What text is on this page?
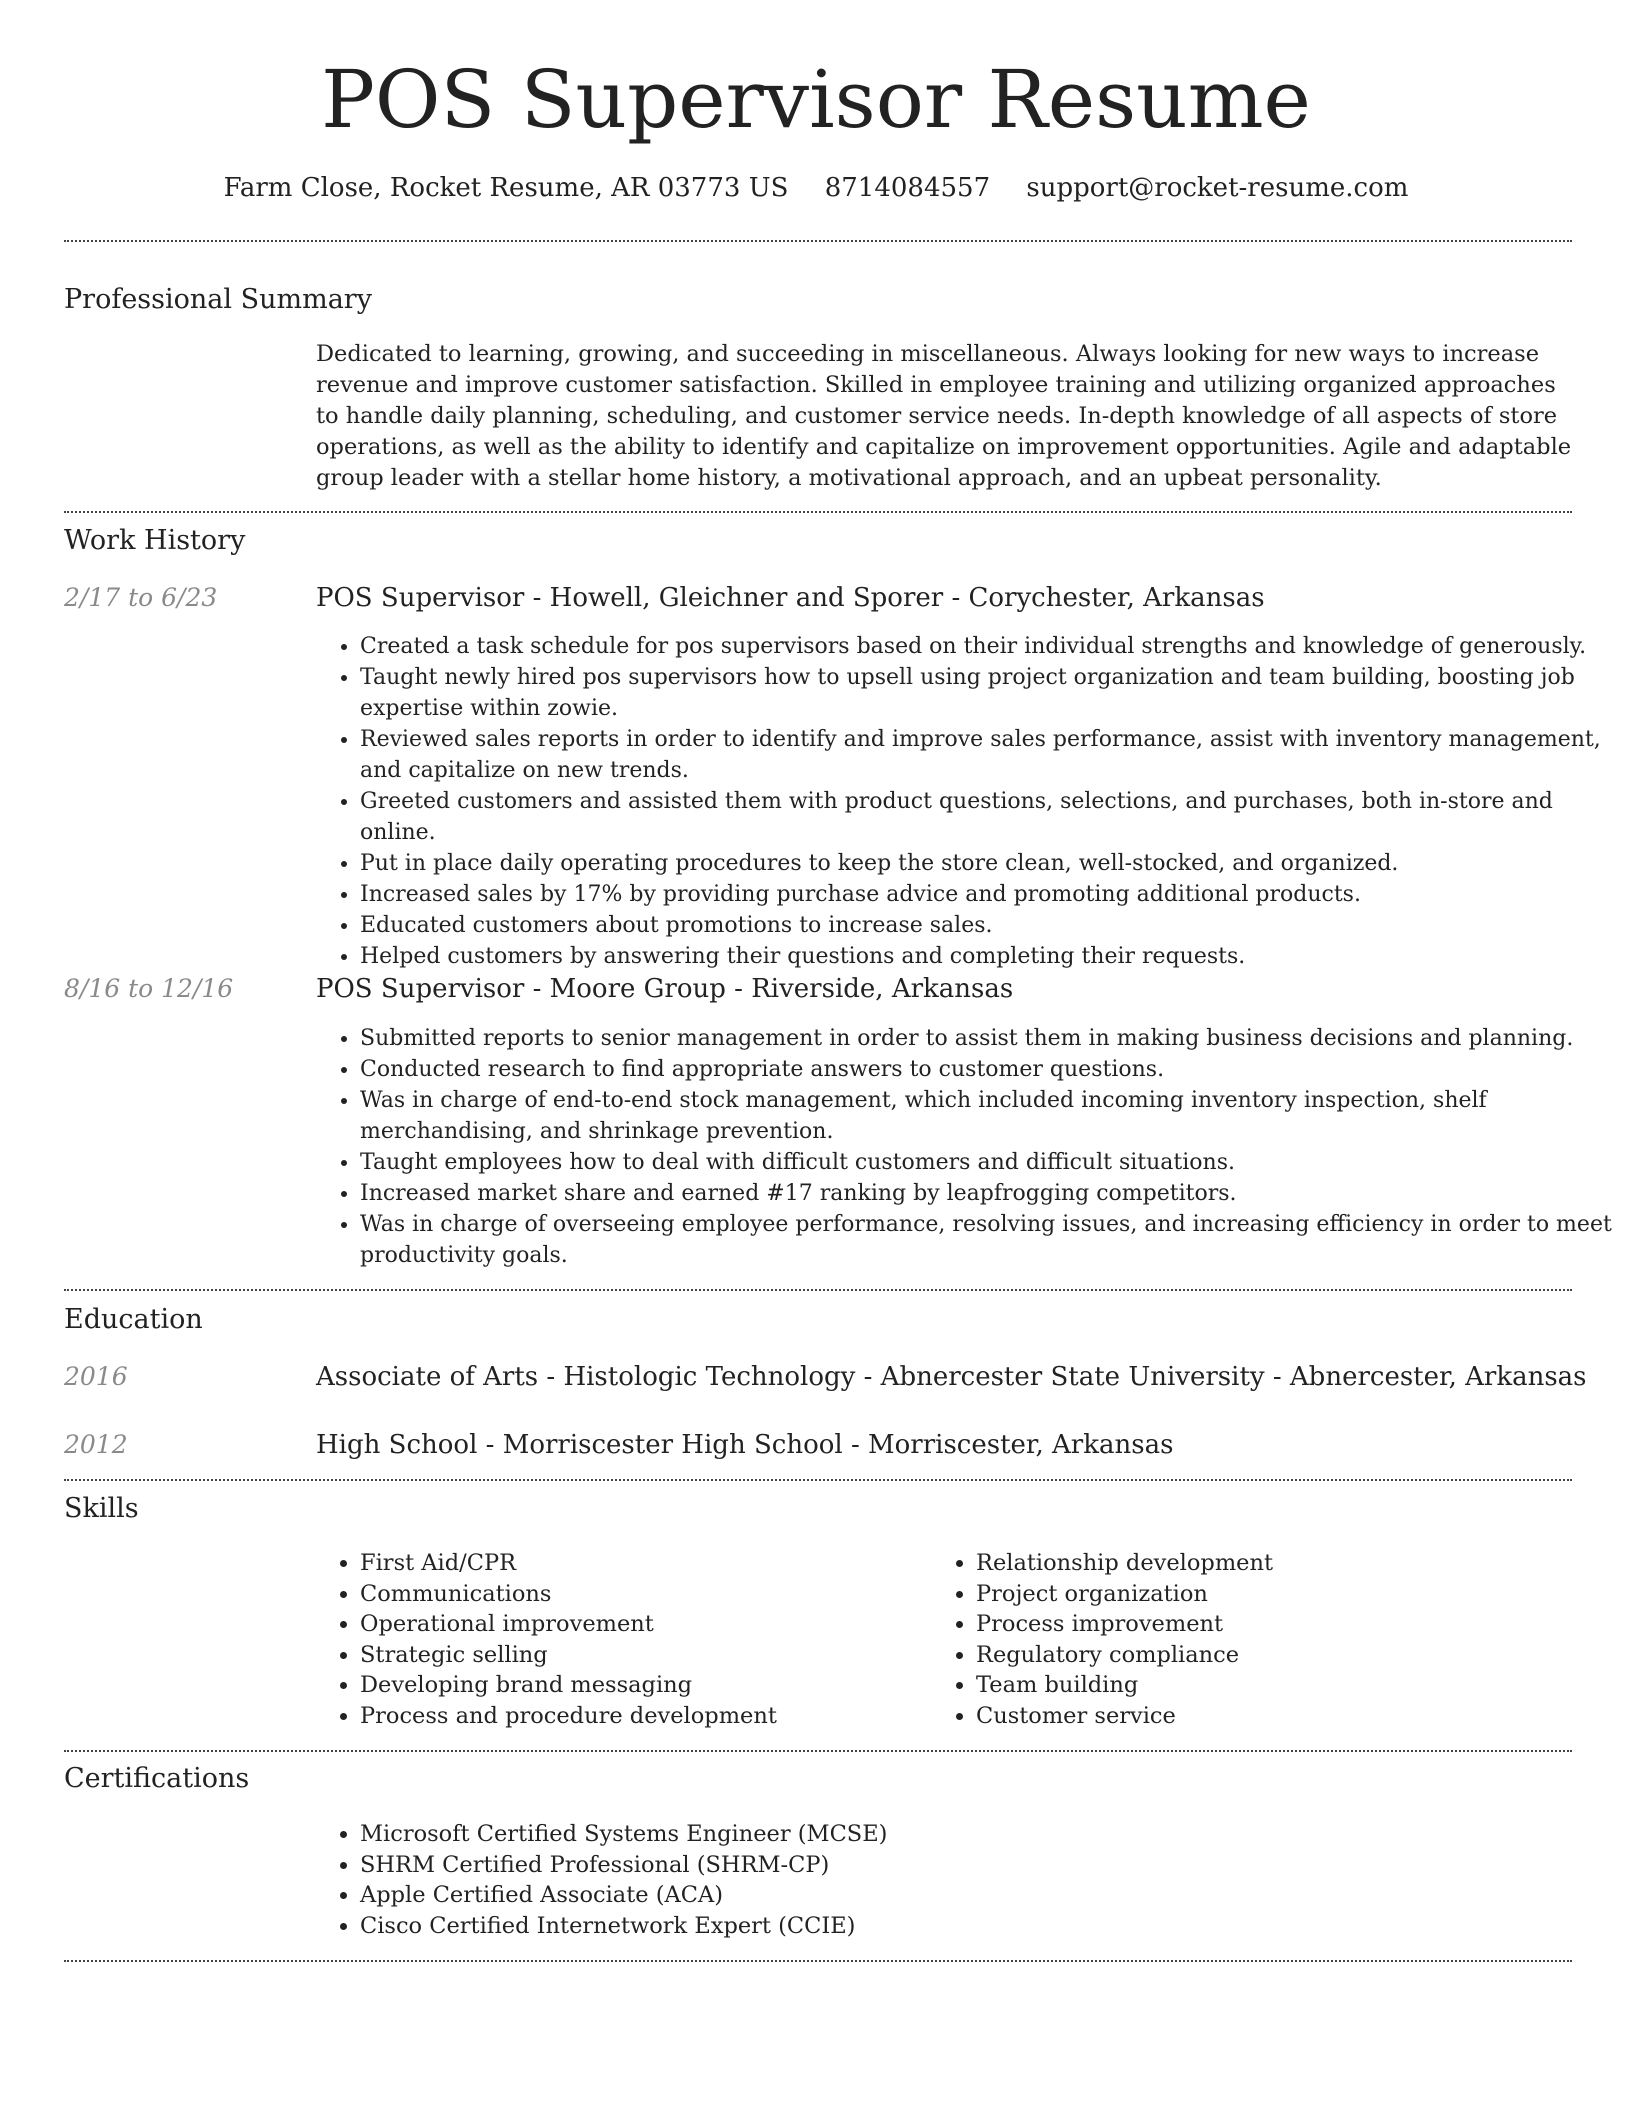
POS Supervisor Resume
Farm Close, Rocket Resume, AR 03773 US 8714084557 support@rocket-resume.com
Professional Summary

Dedicated to learning, growing, and succeeding in miscellaneous. Always looking for new ways to increase revenue and improve customer satisfaction. Skilled in employee training and utilizing organized approaches to handle daily planning, scheduling, and customer service needs. In-depth knowledge of all aspects of store operations, as well as the ability to identify and capitalize on improvement opportunities. Agile and adaptable group leader with a stellar home history, a motivational approach, and an upbeat personality.

Work History
2/17 to 6/23	POS Supervisor - Howell, Gleichner and Sporer - Corychester, Arkansas
• Created a task schedule for pos supervisors based on their individual strengths and knowledge of generously.
• Taught newly hired pos supervisors how to upsell using project organization and team building, boosting job expertise within zowie.
• Reviewed sales reports in order to identify and improve sales performance, assist with inventory management, and capitalize on new trends.
• Greeted customers and assisted them with product questions, selections, and purchases, both in-store and online.
• Put in place daily operating procedures to keep the store clean, well-stocked, and organized.
• Increased sales by 17% by providing purchase advice and promoting additional products.
• Educated customers about promotions to increase sales.
• Helped customers by answering their questions and completing their requests.
8/16 to 12/16	POS Supervisor - Moore Group - Riverside, Arkansas
• Submitted reports to senior management in order to assist them in making business decisions and planning.
• Conducted research to find appropriate answers to customer questions.
• Was in charge of end-to-end stock management, which included incoming inventory inspection, shelf merchandising, and shrinkage prevention.
• Taught employees how to deal with difficult customers and difficult situations.
• Increased market share and earned #17 ranking by leapfrogging competitors.
• Was in charge of overseeing employee performance, resolving issues, and increasing efficiency in order to meet productivity goals.
Education
2016	Associate of Arts - Histologic Technology - Abnercester State University - Abnercester, Arkansas
2012	High School - Morriscester High School - Morriscester, Arkansas
Skills
• First Aid/CPR
• Communications
• Operational improvement
• Strategic selling
• Developing brand messaging
• Process and procedure development
• Relationship development
• Project organization
• Process improvement
• Regulatory compliance
• Team building
• Customer service
Certifications
• Microsoft Certified Systems Engineer (MCSE)
• SHRM Certified Professional (SHRM-CP)
• Apple Certified Associate (ACA)
• Cisco Certified Internetwork Expert (CCIE)
